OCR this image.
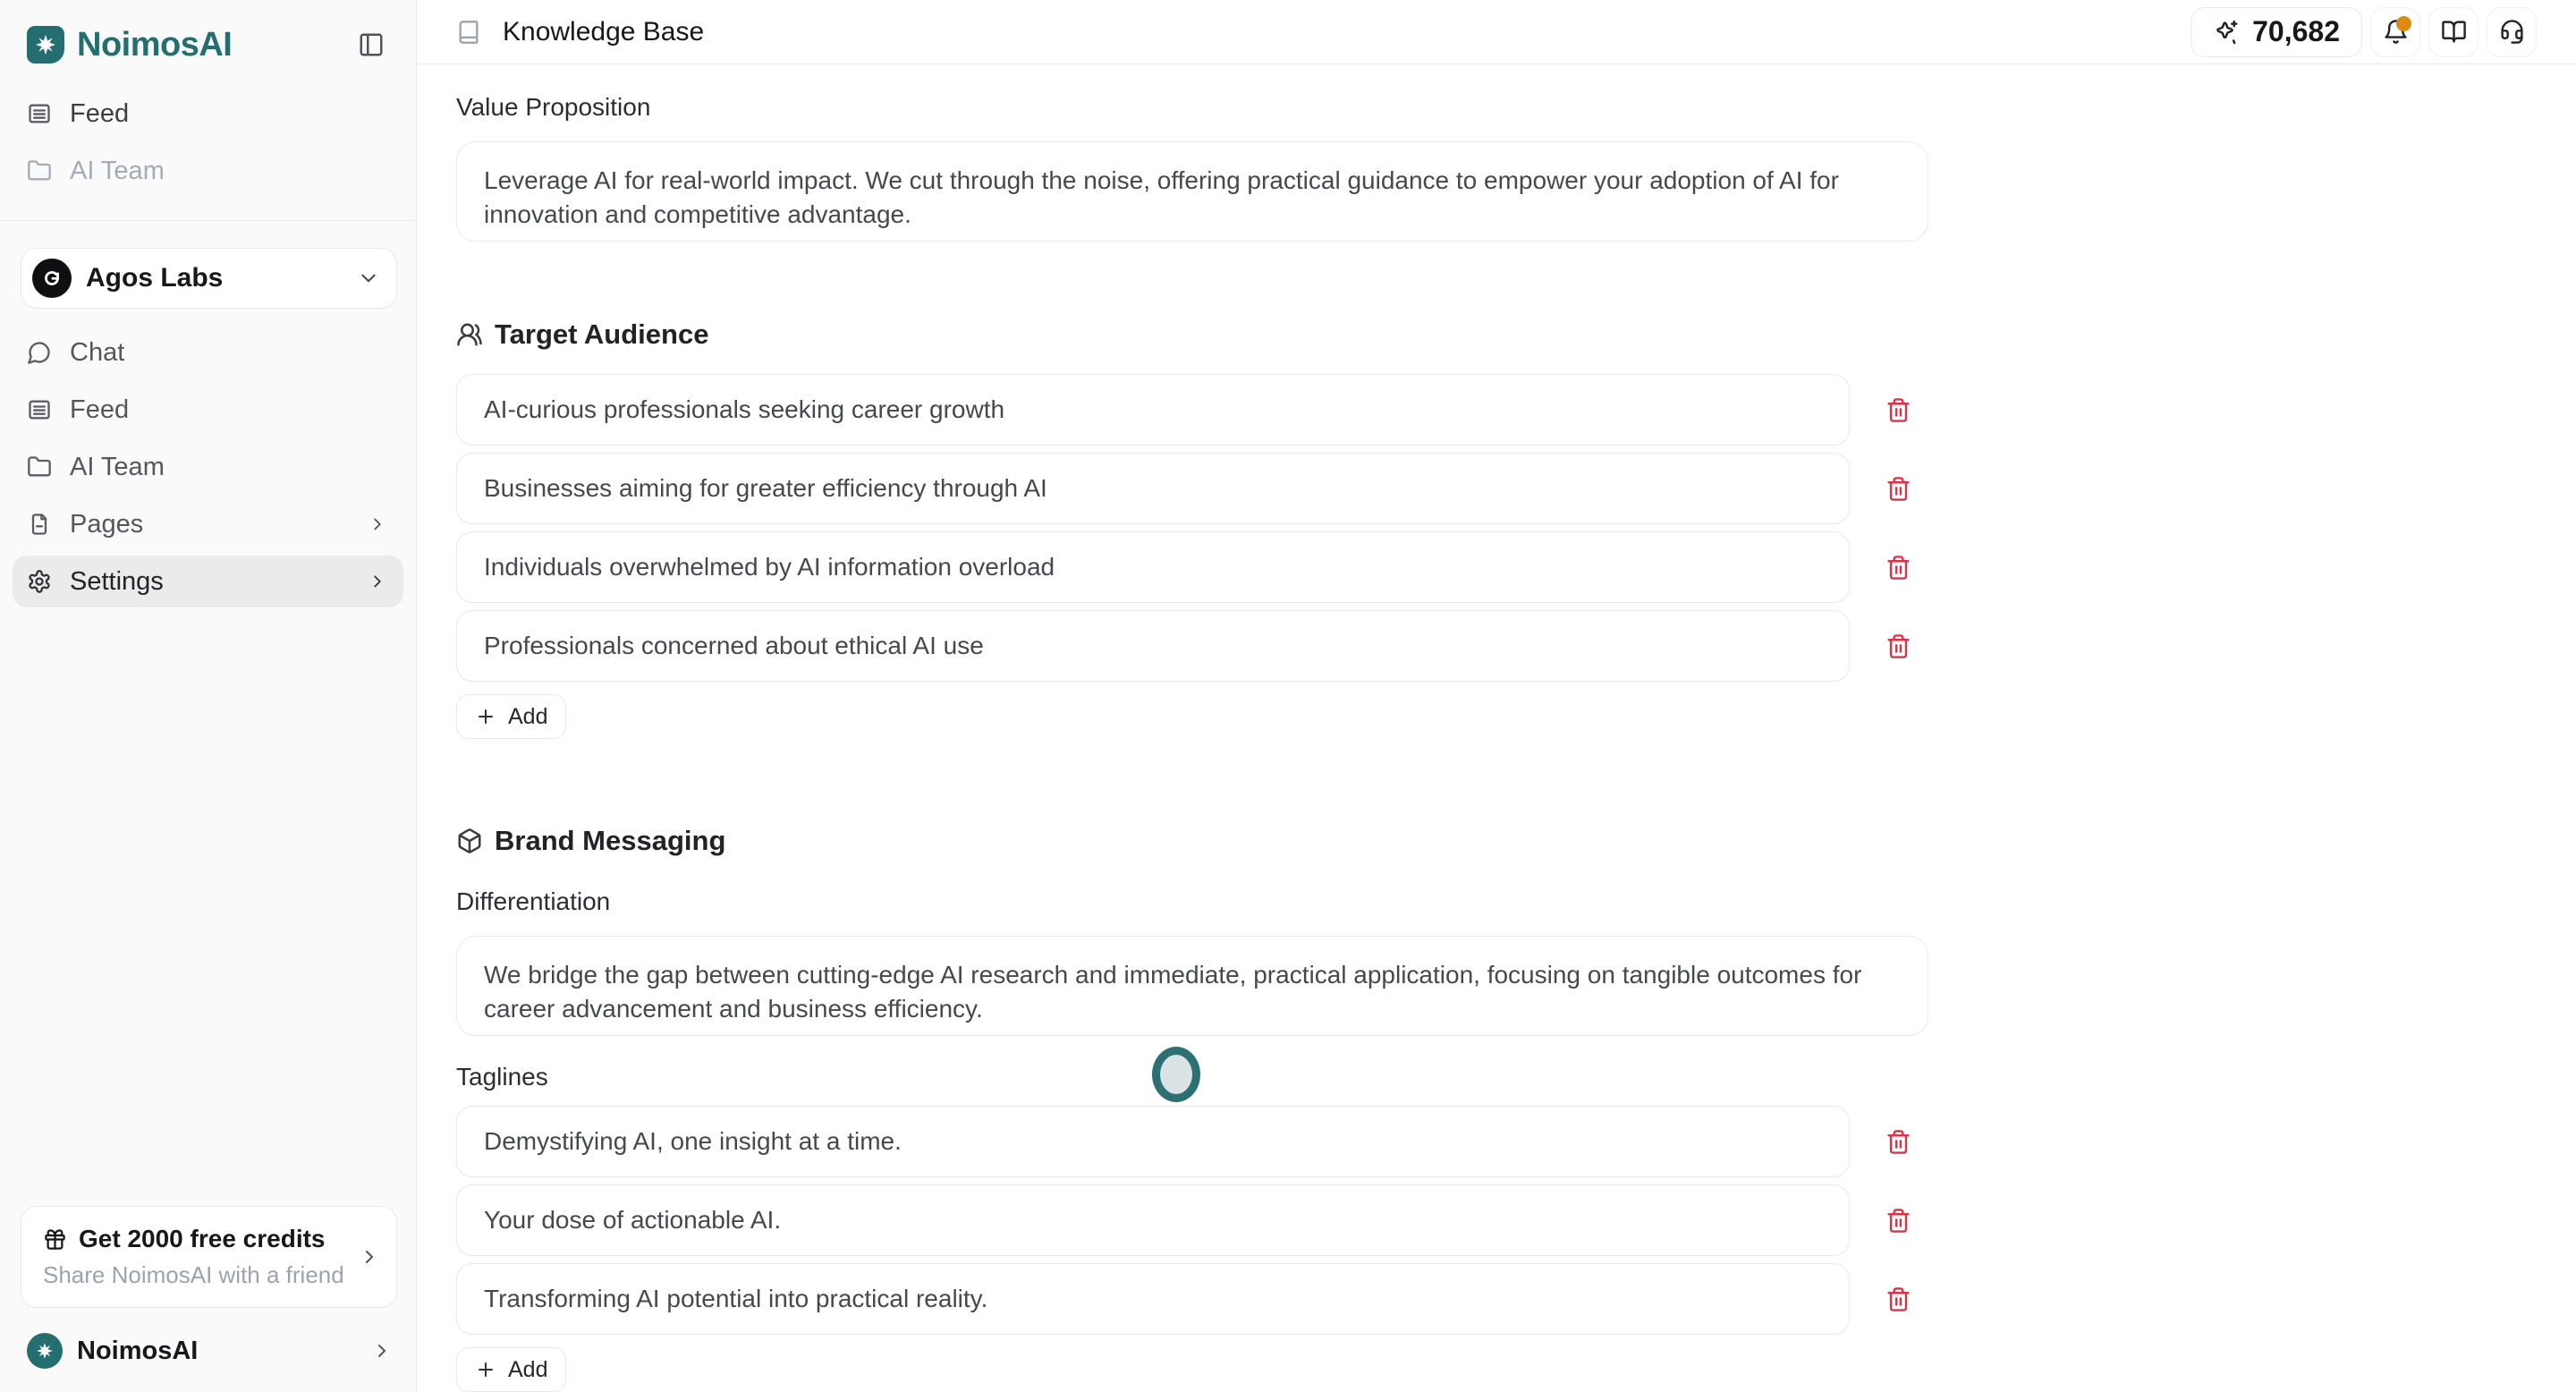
NoimosAI
Feed
AI Team
Agos Labs
Chat
Feed
AI Team
Pages
Settings
Get 2000 free credits
Share NoimosAI with a friend
NoimosAI
Knowledge Base	70,682
Value Proposition
Leverage AI for real-world impact. We cut through the noise, offering practical guidance to empower your adoption of AI for innovation and competitive advantage.
Target Audience
AI-curious professionals seeking career growth
Businesses aiming for greater efficiency through AI
Individuals overwhelmed by AI information overload
Professionals concerned about ethical AI use
Add
Brand Messaging
Differentiation
We bridge the gap between cutting-edge AI research and immediate, practical application, focusing on tangible outcomes for career advancement and business efficiency.
Taglines
Demystifying AI, one insight at a time.
Your dose of actionable AI.
Transforming AI potential into practical reality.
Add
